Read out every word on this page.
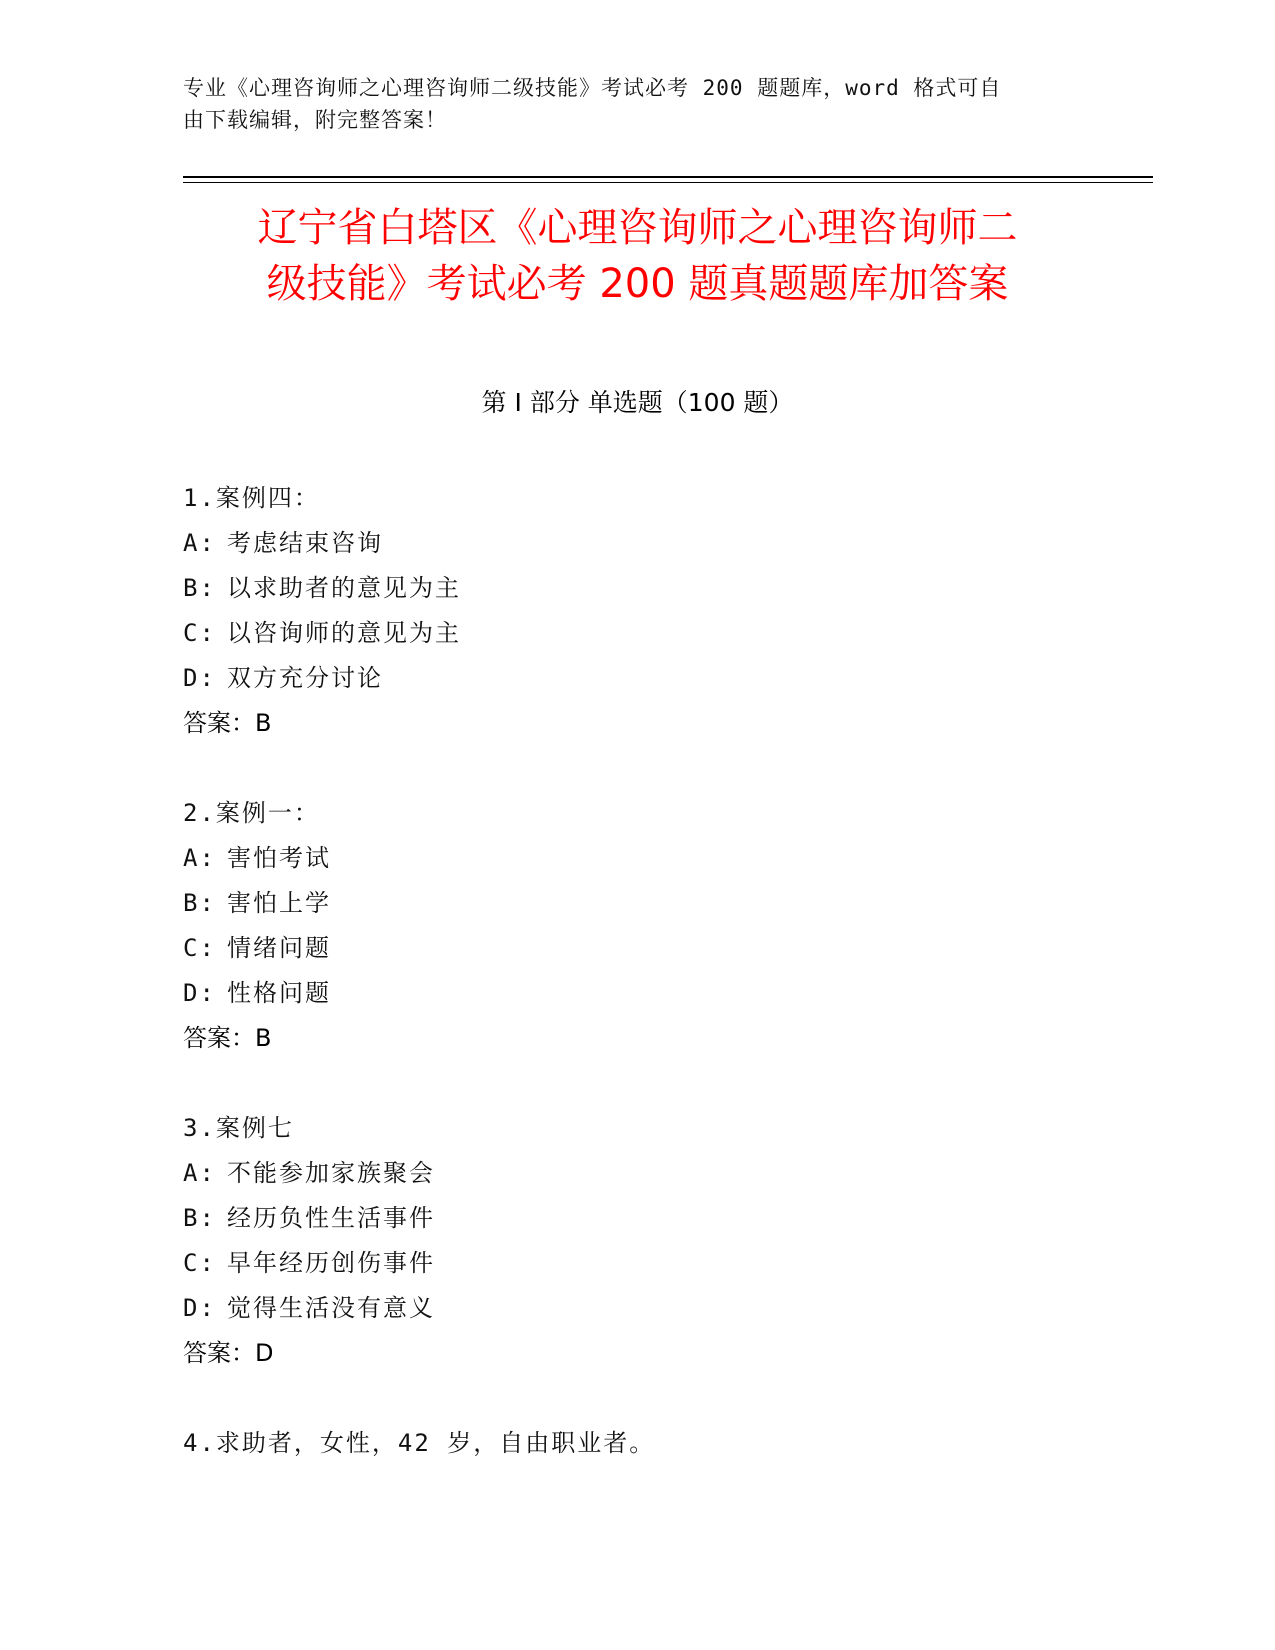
专业《心理咨询师之心理咨询师二级技能》考试必考 200 题题库，word 格式可自
由下载编辑，附完整答案！
辽宁省白塔区《心理咨询师之心理咨询师二
级技能》考试必考 200 题真题题库加答案
第 I 部分 单选题（100 题）
1.案例四：
A: 考虑结束咨询
B: 以求助者的意见为主
C: 以咨询师的意见为主
D: 双方充分讨论
答案：B
2.案例一：
A: 害怕考试
B: 害怕上学
C: 情绪问题
D: 性格问题
答案：B
3.案例七
A: 不能参加家族聚会
B: 经历负性生活事件
C: 早年经历创伤事件
D: 觉得生活没有意义
答案：D
4.求助者，女性，42 岁，自由职业者。
